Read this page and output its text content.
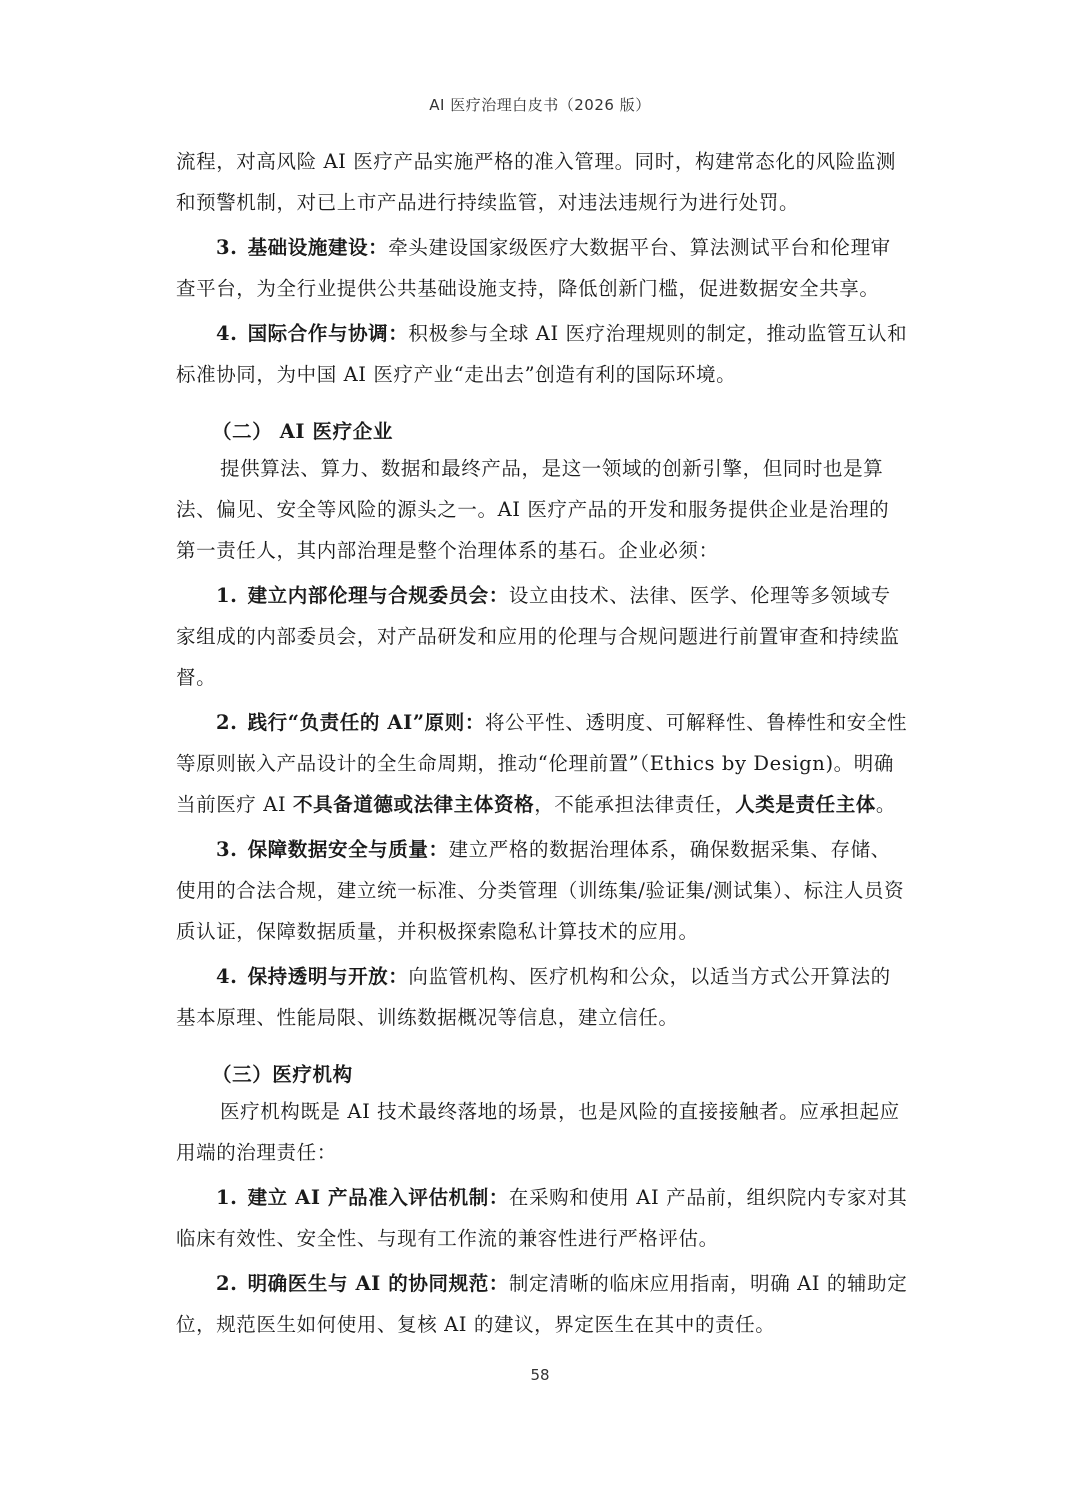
AI 医疗治理白皮书（2026 版）

流程，对高风险 AI 医疗产品实施严格的准入管理。同时，构建常态化的风险监测和预警机制，对已上市产品进行持续监管，对违法违规行为进行处罚。

3. 基础设施建设：牵头建设国家级医疗大数据平台、算法测试平台和伦理审查平台，为全行业提供公共基础设施支持，降低创新门槛，促进数据安全共享。

4. 国际合作与协调：积极参与全球 AI 医疗治理规则的制定，推动监管互认和标准协同，为中国 AI 医疗产业“走出去”创造有利的国际环境。

（二） AI 医疗企业

提供算法、算力、数据和最终产品，是这一领域的创新引擎，但同时也是算法、偏见、安全等风险的源头之一。AI 医疗产品的开发和服务提供企业是治理的第一责任人，其内部治理是整个治理体系的基石。企业必须：

1. 建立内部伦理与合规委员会：设立由技术、法律、医学、伦理等多领域专家组成的内部委员会，对产品研发和应用的伦理与合规问题进行前置审查和持续监督。

2. 践行“负责任的 AI”原则：将公平性、透明度、可解释性、鲁棒性和安全性等原则嵌入产品设计的全生命周期，推动“伦理前置”（Ethics by Design)。明确当前医疗 AI 不具备道德或法律主体资格，不能承担法律责任，人类是责任主体。

3. 保障数据安全与质量：建立严格的数据治理体系，确保数据采集、存储、使用的合法合规，建立统一标准、分类管理（训练集/验证集/测试集）、标注人员资质认证，保障数据质量，并积极探索隐私计算技术的应用。

4. 保持透明与开放：向监管机构、医疗机构和公众，以适当方式公开算法的基本原理、性能局限、训练数据概况等信息，建立信任。

（三）医疗机构

医疗机构既是 AI 技术最终落地的场景，也是风险的直接接触者。应承担起应用端的治理责任：

1. 建立 AI 产品准入评估机制：在采购和使用 AI 产品前，组织院内专家对其临床有效性、安全性、与现有工作流的兼容性进行严格评估。

2. 明确医生与 AI 的协同规范：制定清晰的临床应用指南，明确 AI 的辅助定位，规范医生如何使用、复核 AI 的建议，界定医生在其中的责任。

58
